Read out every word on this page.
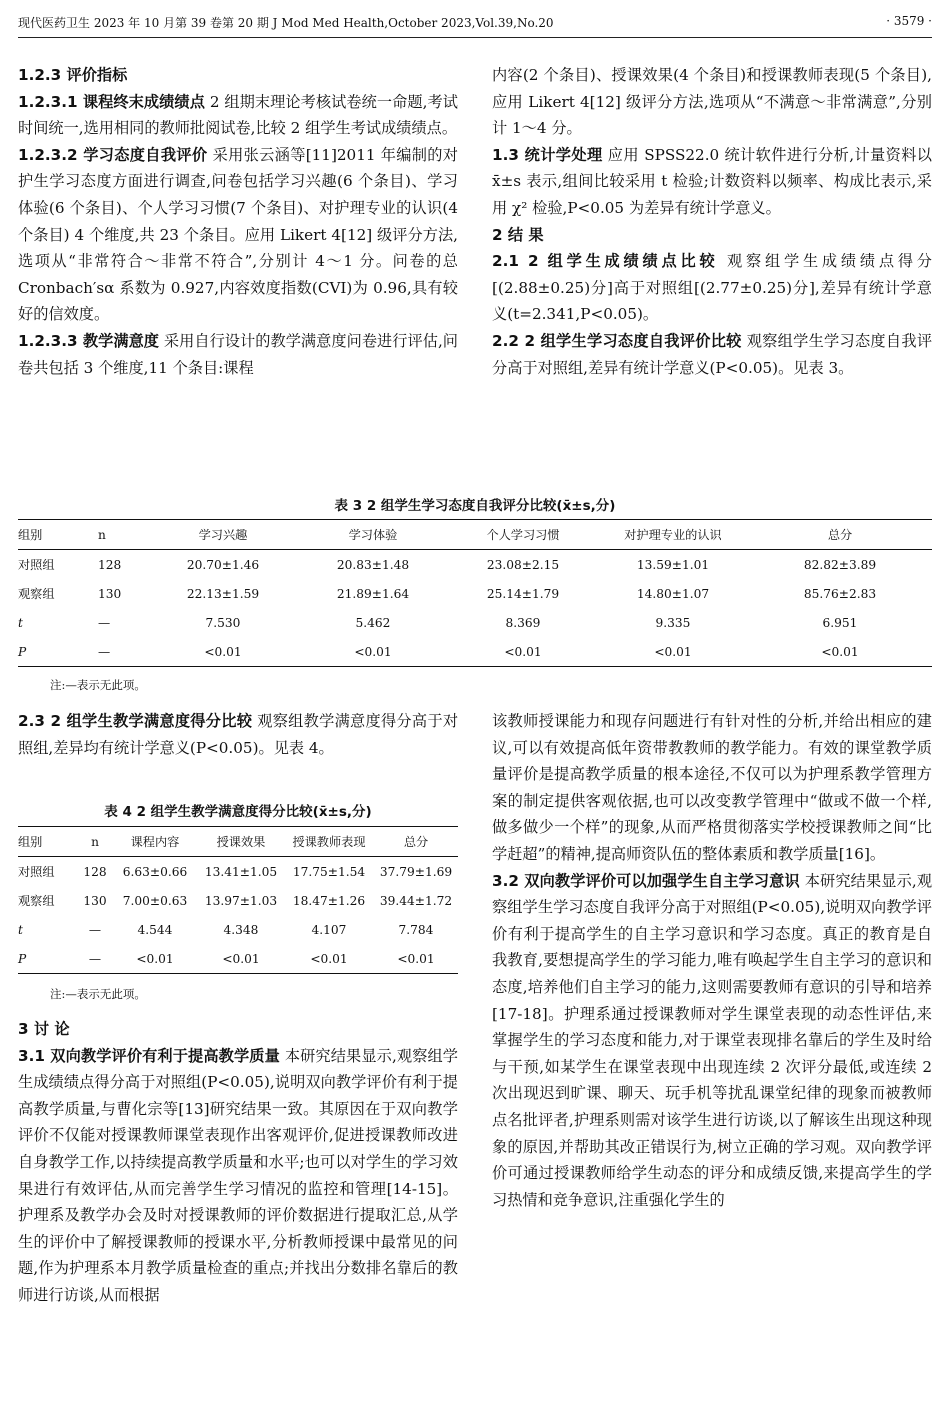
现代医药卫生 2023 年 10 月第 39 卷第 20 期 J Mod Med Health,October 2023,Vol.39,No.20	· 3579 ·

1.2.3 评价指标

1.2.3.1 课程终末成绩绩点 2 组期末理论考核试卷统一命题,考试时间统一,选用相同的教师批阅试卷,比较 2 组学生考试成绩绩点。

1.2.3.2 学习态度自我评价 采用张云涵等[11]2011 年编制的对护生学习态度方面进行调查,问卷包括学习兴趣(6 个条目)、学习体验(6 个条目)、个人学习习惯(7 个条目)、对护理专业的认识(4 个条目) 4 个维度,共 23 个条目。应用 Likert 4[12] 级评分方法,选项从“非常符合～非常不符合”,分别计 4～1 分。问卷的总 Cronbach′sα 系数为 0.927,内容效度指数(CVI)为 0.96,具有较好的信效度。

1.2.3.3 教学满意度 采用自行设计的教学满意度问卷进行评估,问卷共包括 3 个维度,11 个条目:课程

内容(2 个条目)、授课效果(4 个条目)和授课教师表现(5 个条目),应用 Likert 4[12] 级评分方法,选项从“不满意～非常满意”,分别计 1～4 分。

1.3 统计学处理 应用 SPSS22.0 统计软件进行分析,计量资料以 x̄±s 表示,组间比较采用 t 检验;计数资料以频率、构成比表示,采用 χ² 检验,P<0.05 为差异有统计学意义。

2 结 果

2.1 2 组学生成绩绩点比较 观察组学生成绩绩点得分[(2.88±0.25)分]高于对照组[(2.77±0.25)分],差异有统计学意义(t=2.341,P<0.05)。

2.2 2 组学生学习态度自我评价比较 观察组学生学习态度自我评分高于对照组,差异有统计学意义(P<0.05)。见表 3。

表 3 2 组学生学习态度自我评分比较(x̄±s,分)
组别	n	学习兴趣	学习体验	个人学习习惯	对护理专业的认识	总分
对照组	128	20.70±1.46	20.83±1.48	23.08±2.15	13.59±1.01	82.82±3.89
观察组	130	22.13±1.59	21.89±1.64	25.14±1.79	14.80±1.07	85.76±2.83
t	—	7.530	5.462	8.369	9.335	6.951
P	—	<0.01	<0.01	<0.01	<0.01	<0.01
注:—表示无此项。

2.3 2 组学生教学满意度得分比较 观察组教学满意度得分高于对照组,差异均有统计学意义(P<0.05)。见表 4。

表 4 2 组学生教学满意度得分比较(x̄±s,分)
组别	n	课程内容	授课效果	授课教师表现	总分
对照组	128	6.63±0.66	13.41±1.05	17.75±1.54	37.79±1.69
观察组	130	7.00±0.63	13.97±1.03	18.47±1.26	39.44±1.72
t	—	4.544	4.348	4.107	7.784
P	—	<0.01	<0.01	<0.01	<0.01
注:—表示无此项。

3 讨 论

3.1 双向教学评价有利于提高教学质量 本研究结果显示,观察组学生成绩绩点得分高于对照组(P<0.05),说明双向教学评价有利于提高教学质量,与曹化宗等[13]研究结果一致。其原因在于双向教学评价不仅能对授课教师课堂表现作出客观评价,促进授课教师改进自身教学工作,以持续提高教学质量和水平;也可以对学生的学习效果进行有效评估,从而完善学生学习情况的监控和管理[14-15]。护理系及教学办会及时对授课教师的评价数据进行提取汇总,从学生的评价中了解授课教师的授课水平,分析教师授课中最常见的问题,作为护理系本月教学质量检查的重点;并找出分数排名靠后的教师进行访谈,从而根据

该教师授课能力和现存问题进行有针对性的分析,并给出相应的建议,可以有效提高低年资带教教师的教学能力。有效的课堂教学质量评价是提高教学质量的根本途径,不仅可以为护理系教学管理方案的制定提供客观依据,也可以改变教学管理中“做或不做一个样,做多做少一个样”的现象,从而严格贯彻落实学校授课教师之间“比学赶超”的精神,提高师资队伍的整体素质和教学质量[16]。

3.2 双向教学评价可以加强学生自主学习意识 本研究结果显示,观察组学生学习态度自我评分高于对照组(P<0.05),说明双向教学评价有利于提高学生的自主学习意识和学习态度。真正的教育是自我教育,要想提高学生的学习能力,唯有唤起学生自主学习的意识和态度,培养他们自主学习的能力,这则需要教师有意识的引导和培养[17-18]。护理系通过授课教师对学生课堂表现的动态性评估,来掌握学生的学习态度和能力,对于课堂表现排名靠后的学生及时给与干预,如某学生在课堂表现中出现连续 2 次评分最低,或连续 2 次出现迟到旷课、聊天、玩手机等扰乱课堂纪律的现象而被教师点名批评者,护理系则需对该学生进行访谈,以了解该生出现这种现象的原因,并帮助其改正错误行为,树立正确的学习观。双向教学评价可通过授课教师给学生动态的评分和成绩反馈,来提高学生的学习热情和竞争意识,注重强化学生的
